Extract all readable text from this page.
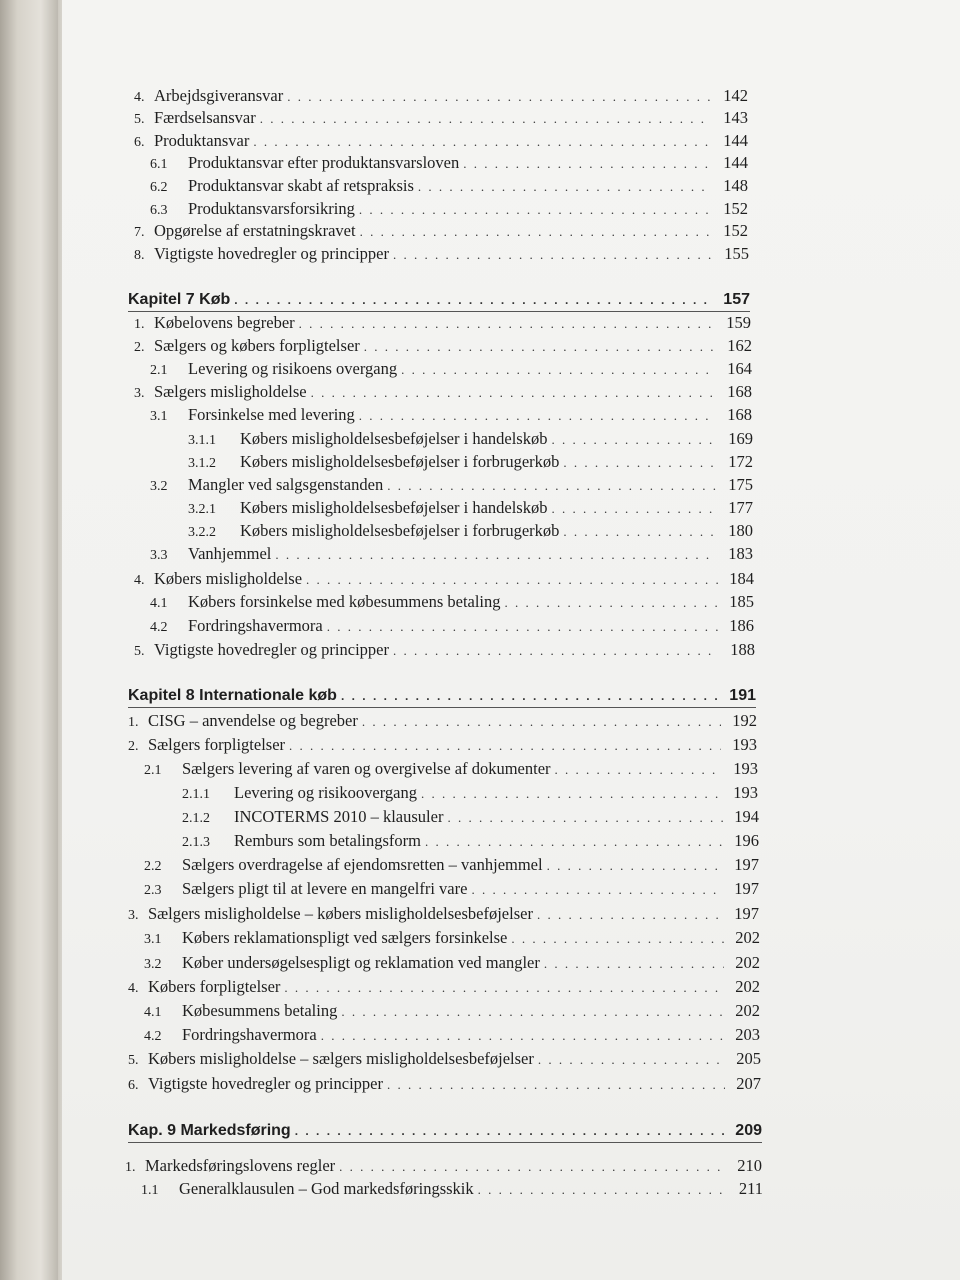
4. Arbejdsgiveransvar . . .	142
5. Færdselsansvar . . .	143
6. Produktansvar . . .	144
6.1	Produktansvar efter produktansvarsloven . . .	144
6.2	Produktansvar skabt af retspraksis . . .	148
6.3	Produktansvarsforsikring . . .	152
7. Opgørelse af erstatningskravet . . .	152
8. Vigtigste hovedregler og principper . . .	155
Kapitel 7 Køb . . .	157
1. Købelovens begreber . . .	159
2. Sælgers og købers forpligtelser . . .	162
2.1	Levering og risikoens overgang . . .	164
3. Sælgers misligholdelse . . .	168
3.1	Forsinkelse med levering . . .	168
3.1.1	Købers misligholdelsesbeføjelser i handelskøb . . .	169
3.1.2	Købers misligholdelsesbeføjelser i forbrugerkøb . . .	172
3.2	Mangler ved salgsgenstanden . . .	175
3.2.1	Købers misligholdelsesbeføjelser i handelskøb . . .	177
3.2.2	Købers misligholdelsesbeføjelser i forbrugerkøb . . .	180
3.3	Vanhjemmel . . .	183
4. Købers misligholdelse . . .	184
4.1	Købers forsinkelse med købesummens betaling . . .	185
4.2	Fordringshavermora . . .	186
5. Vigtigste hovedregler og principper . . .	188
Kapitel 8 Internationale køb . . .	191
1. CISG – anvendelse og begreber . . .	192
2. Sælgers forpligtelser . . .	193
2.1	Sælgers levering af varen og overgivelse af dokumenter . . .	193
2.1.1	Levering og risikoovergang . . .	193
2.1.2	INCOTERMS 2010 – klausuler . . .	194
2.1.3	Remburs som betalingsform . . .	196
2.2	Sælgers overdragelse af ejendomsretten – vanhjemmel . . .	197
2.3	Sælgers pligt til at levere en mangelfri vare . . .	197
3. Sælgers misligholdelse – købers misligholdelsesbeføjelser . . .	197
3.1	Købers reklamationspligt ved sælgers forsinkelse . . .	202
3.2	Køber undersøgelsespligt og reklamation ved mangler . . .	202
4. Købers forpligtelser . . .	202
4.1	Købesummens betaling . . .	202
4.2	Fordringshavermora . . .	203
5. Købers misligholdelse – sælgers misligholdelsesbeføjelser . . .	205
6. Vigtigste hovedregler og principper . . .	207
Kap. 9 Markedsføring . . .	209
1. Markedsføringslovens regler . . .	210
1.1	Generalklausulen – God markedsføringsskik . . .	211
